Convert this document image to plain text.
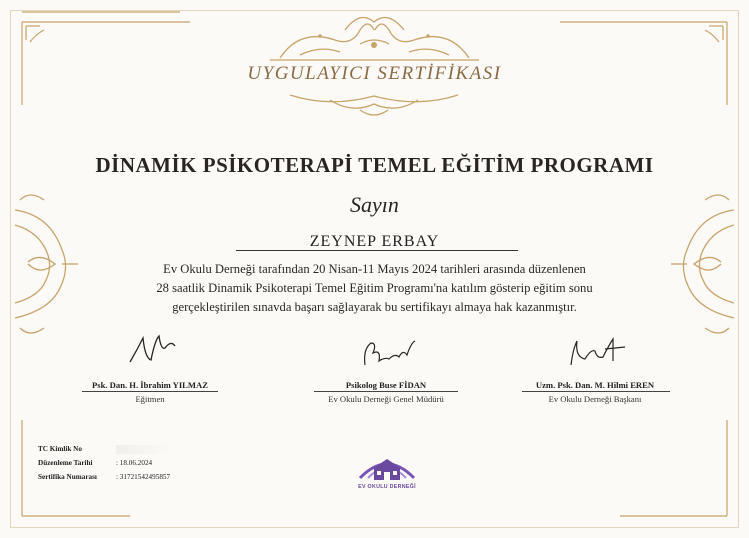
UYGULAYICI SERTİFİKASI
DİNAMİK PSİKOTERAPİ TEMEL EĞİTİM PROGRAMI
Sayın
ZEYNEP ERBAY
Ev Okulu Derneği tarafından 20 Nisan-11 Mayıs 2024 tarihleri arasında düzenlenen
28 saatlik Dinamik Psikoterapi Temel Eğitim Programı'na katılım gösterip eğitim sonu
gerçekleştirilen sınavda başarı sağlayarak bu sertifikayı almaya hak kazanmıştır.
Psk. Dan. H. İbrahim YILMAZ
Eğitmen
Psikolog Buse FİDAN
Ev Okulu Derneği Genel Müdürü
Uzm. Psk. Dan. M. Hilmi EREN
Ev Okulu Derneği Başkanı
TC Kimlik No
Düzenleme Tarihi	: 18.06.2024
Sertifika Numarası	: 31721542495857
EV OKULU DERNEĞİ
